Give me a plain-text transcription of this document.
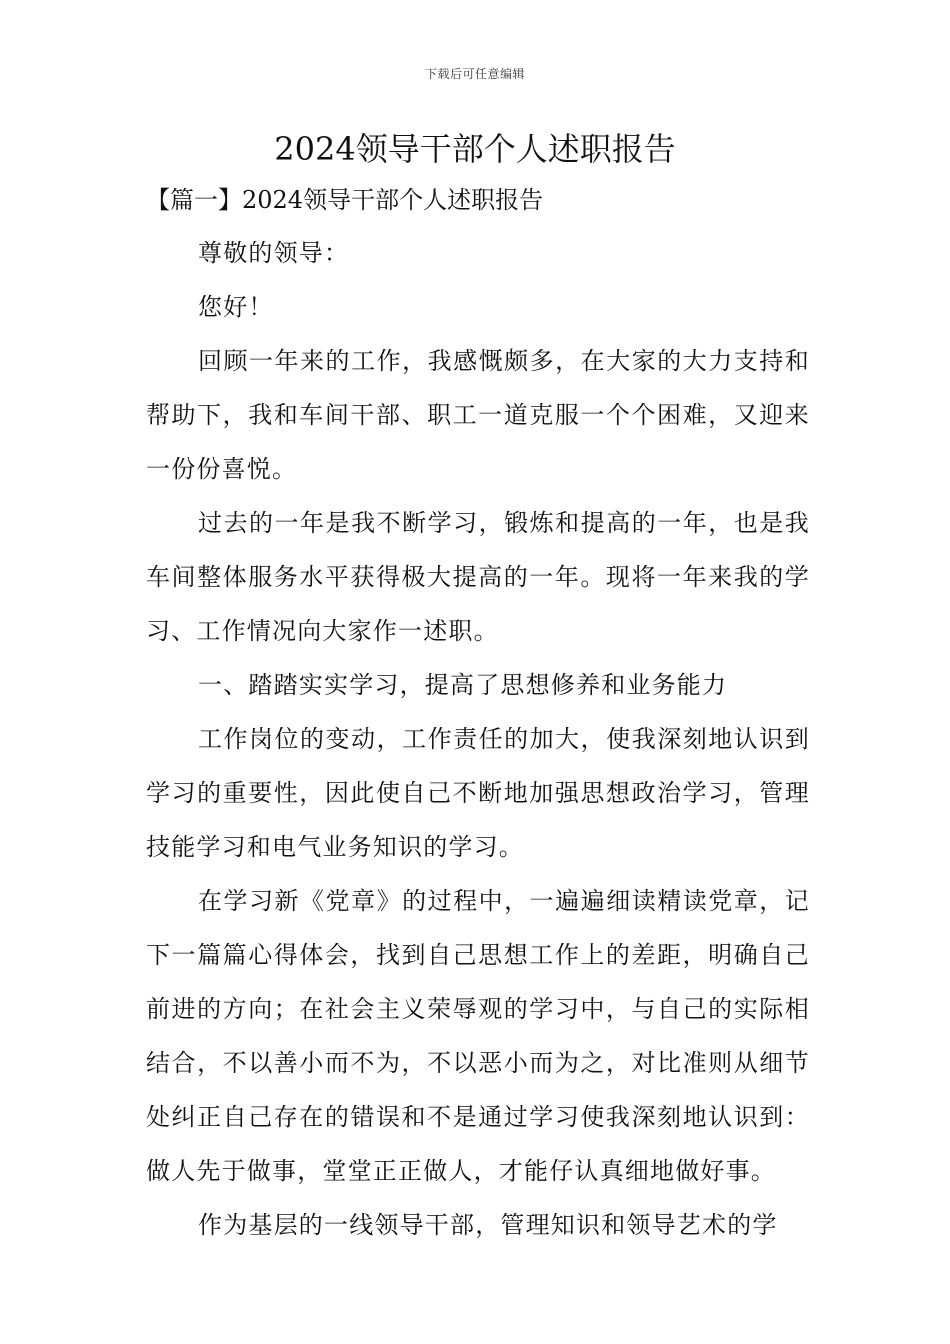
下载后可任意编辑
2024领导干部个人述职报告

【篇一】2024领导干部个人述职报告

尊敬的领导：

您好！

回顾一年来的工作，我感慨颇多，在大家的大力支持和帮助下，我和车间干部、职工一道克服一个个困难，又迎来一份份喜悦。

过去的一年是我不断学习，锻炼和提高的一年，也是我车间整体服务水平获得极大提高的一年。现将一年来我的学习、工作情况向大家作一述职。

一、踏踏实实学习，提高了思想修养和业务能力

工作岗位的变动，工作责任的加大，使我深刻地认识到学习的重要性，因此使自己不断地加强思想政治学习，管理技能学习和电气业务知识的学习。

在学习新《党章》的过程中，一遍遍细读精读党章，记下一篇篇心得体会，找到自己思想工作上的差距，明确自己前进的方向；在社会主义荣辱观的学习中，与自己的实际相结合，不以善小而不为，不以恶小而为之，对比准则从细节处纠正自己存在的错误和不是通过学习使我深刻地认识到：做人先于做事，堂堂正正做人，才能仔认真细地做好事。

作为基层的一线领导干部，管理知识和领导艺术的学
